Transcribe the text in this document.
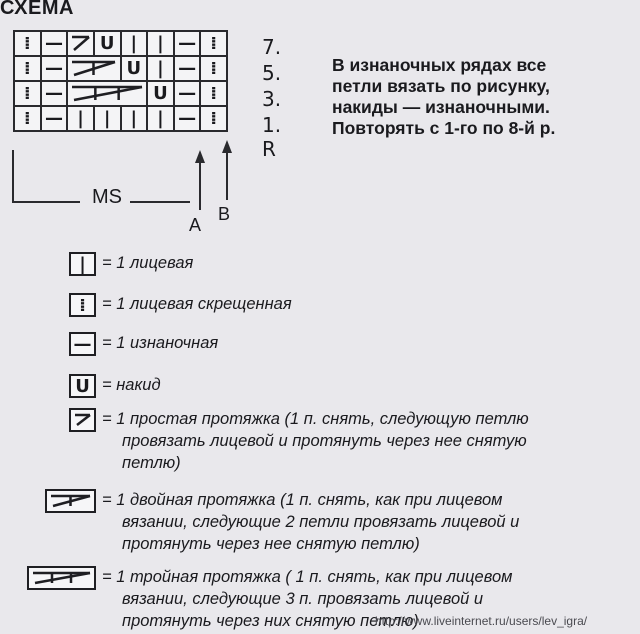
СХЕМА
⁞ — U | | — ⁞
⁞ —	U | — ⁞
⁞ —	U — ⁞
⁞ — | | | | — ⁞
7.
5.
3.
1. R
В изнаночных рядах все
петли вязать по рисунку,
накиды — изнаночными.
Повторять с 1-го по 8-й р.
MS
A
B
| = 1 лицевая
⁞ = 1 лицевая скрещенная
— = 1 изнаночная
U = накид
= 1 простая протяжка (1 п. снять, следующую петлю
провязать лицевой и протянуть через нее снятую
петлю)
= 1 двойная протяжка (1 п. снять, как при лицевом
вязании, следующие 2 петли провязать лицевой и
протянуть через нее снятую петлю)
= 1 тройная протяжка ( 1 п. снять, как при лицевом
вязании, следующие 3 п. провязать лицевой и
протянуть через них снятую петлю)
http://www.liveinternet.ru/users/lev_igra/
